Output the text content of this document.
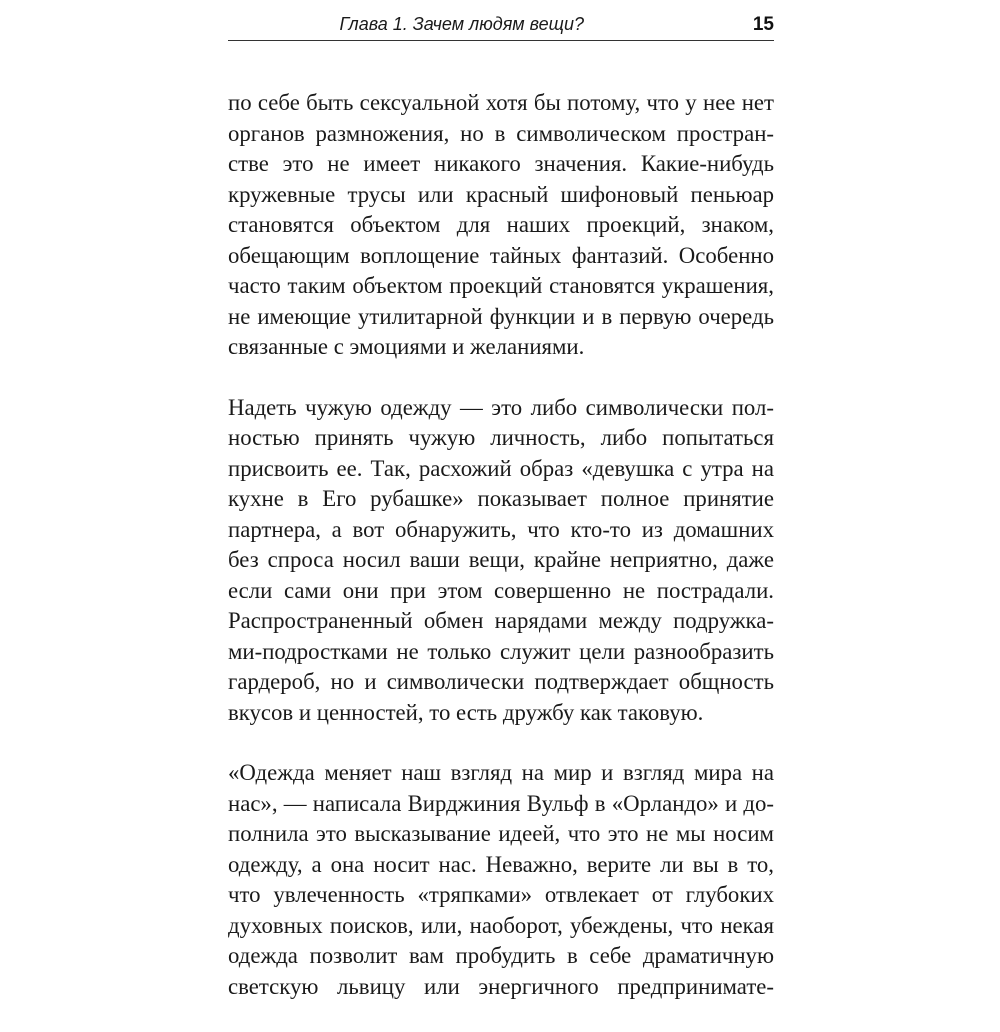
Глава 1. Зачем людям вещи?	15

по себе быть сексуальной хотя бы потому, что у нее нет
органов размножения, но в символическом простран-
стве это не имеет никакого значения. Какие-нибудь
кружевные трусы или красный шифоновый пеньюар
становятся объектом для наших проекций, знаком,
обещающим воплощение тайных фантазий. Особенно
часто таким объектом проекций становятся украшения,
не имеющие утилитарной функции и в первую очередь
связанные с эмоциями и желаниями.

Надеть чужую одежду — это либо символически пол-
ностью принять чужую личность, либо попытаться
присвоить ее. Так, расхожий образ «девушка с утра на
кухне в Его рубашке» показывает полное принятие
партнера, а вот обнаружить, что кто-то из домашних
без спроса носил ваши вещи, крайне неприятно, даже
если сами они при этом совершенно не пострадали.
Распространенный обмен нарядами между подружка-
ми-подростками не только служит цели разнообразить
гардероб, но и символически подтверждает общность
вкусов и ценностей, то есть дружбу как таковую.

«Одежда меняет наш взгляд на мир и взгляд мира на
нас», — написала Вирджиния Вульф в «Орландо» и до-
полнила это высказывание идеей, что это не мы носим
одежду, а она носит нас. Неважно, верите ли вы в то,
что увлеченность «тряпками» отвлекает от глубоких
духовных поисков, или, наоборот, убеждены, что некая
одежда позволит вам пробудить в себе драматичную
светскую львицу или энергичного предпринимате-
